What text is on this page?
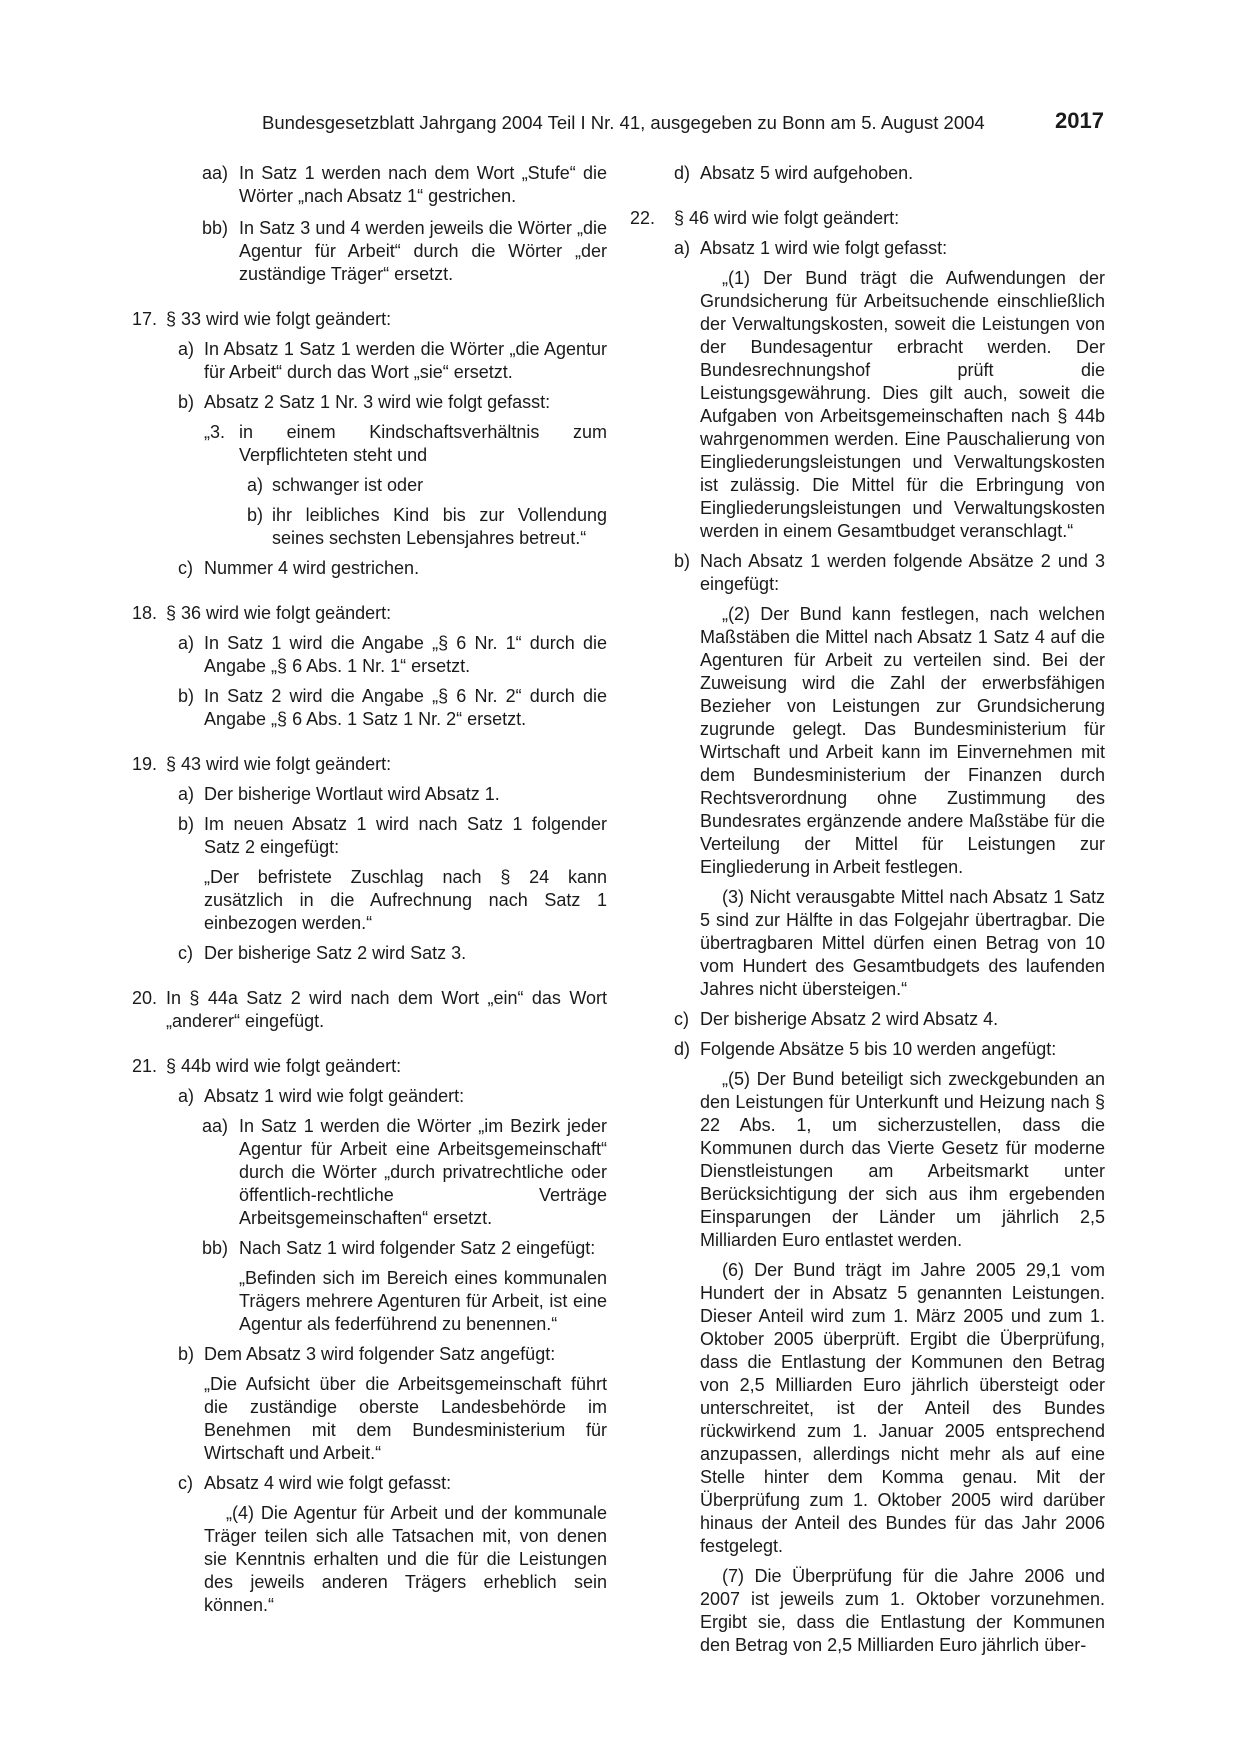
Bundesgesetzblatt Jahrgang 2004 Teil I Nr. 41, ausgegeben zu Bonn am 5. August 2004	2017
aa) In Satz 1 werden nach dem Wort „Stufe“ die Wörter „nach Absatz 1“ gestrichen.
bb) In Satz 3 und 4 werden jeweils die Wörter „die Agentur für Arbeit“ durch die Wörter „der zuständige Träger“ ersetzt.
17. § 33 wird wie folgt geändert:
a) In Absatz 1 Satz 1 werden die Wörter „die Agentur für Arbeit“ durch das Wort „sie“ ersetzt.
b) Absatz 2 Satz 1 Nr. 3 wird wie folgt gefasst:
„3. in einem Kindschaftsverhältnis zum Verpflichteten steht und
a) schwanger ist oder
b) ihr leibliches Kind bis zur Vollendung seines sechsten Lebensjahres betreut.“
c) Nummer 4 wird gestrichen.
18. § 36 wird wie folgt geändert:
a) In Satz 1 wird die Angabe „§ 6 Nr. 1“ durch die Angabe „§ 6 Abs. 1 Nr. 1“ ersetzt.
b) In Satz 2 wird die Angabe „§ 6 Nr. 2“ durch die Angabe „§ 6 Abs. 1 Satz 1 Nr. 2“ ersetzt.
19. § 43 wird wie folgt geändert:
a) Der bisherige Wortlaut wird Absatz 1.
b) Im neuen Absatz 1 wird nach Satz 1 folgender Satz 2 eingefügt:
„Der befristete Zuschlag nach § 24 kann zusätzlich in die Aufrechnung nach Satz 1 einbezogen werden.“
c) Der bisherige Satz 2 wird Satz 3.
20. In § 44a Satz 2 wird nach dem Wort „ein“ das Wort „anderer“ eingefügt.
21. § 44b wird wie folgt geändert:
a) Absatz 1 wird wie folgt geändert:
aa) In Satz 1 werden die Wörter „im Bezirk jeder Agentur für Arbeit eine Arbeitsgemeinschaft“ durch die Wörter „durch privatrechtliche oder öffentlich-rechtliche Verträge Arbeitsgemeinschaften“ ersetzt.
bb) Nach Satz 1 wird folgender Satz 2 eingefügt:
„Befinden sich im Bereich eines kommunalen Trägers mehrere Agenturen für Arbeit, ist eine Agentur als federführend zu benennen.“
b) Dem Absatz 3 wird folgender Satz angefügt:
„Die Aufsicht über die Arbeitsgemeinschaft führt die zuständige oberste Landesbehörde im Benehmen mit dem Bundesministerium für Wirtschaft und Arbeit.“
c) Absatz 4 wird wie folgt gefasst:
„(4) Die Agentur für Arbeit und der kommunale Träger teilen sich alle Tatsachen mit, von denen sie Kenntnis erhalten und die für die Leistungen des jeweils anderen Trägers erheblich sein können.“
d) Absatz 5 wird aufgehoben.
22. § 46 wird wie folgt geändert:
a) Absatz 1 wird wie folgt gefasst:
„(1) Der Bund trägt die Aufwendungen der Grundsicherung für Arbeitsuchende einschließlich der Verwaltungskosten, soweit die Leistungen von der Bundesagentur erbracht werden. Der Bundesrechnungshof prüft die Leistungsgewährung. Dies gilt auch, soweit die Aufgaben von Arbeitsgemeinschaften nach § 44b wahrgenommen werden. Eine Pauschalierung von Eingliederungsleistungen und Verwaltungskosten ist zulässig. Die Mittel für die Erbringung von Eingliederungsleistungen und Verwaltungskosten werden in einem Gesamtbudget veranschlagt.“
b) Nach Absatz 1 werden folgende Absätze 2 und 3 eingefügt:
„(2) Der Bund kann festlegen, nach welchen Maßstäben die Mittel nach Absatz 1 Satz 4 auf die Agenturen für Arbeit zu verteilen sind. Bei der Zuweisung wird die Zahl der erwerbsfähigen Bezieher von Leistungen zur Grundsicherung zugrunde gelegt. Das Bundesministerium für Wirtschaft und Arbeit kann im Einvernehmen mit dem Bundesministerium der Finanzen durch Rechtsverordnung ohne Zustimmung des Bundesrates ergänzende andere Maßstäbe für die Verteilung der Mittel für Leistungen zur Eingliederung in Arbeit festlegen.
(3) Nicht verausgabte Mittel nach Absatz 1 Satz 5 sind zur Hälfte in das Folgejahr übertragbar. Die übertragbaren Mittel dürfen einen Betrag von 10 vom Hundert des Gesamtbudgets des laufenden Jahres nicht übersteigen.“
c) Der bisherige Absatz 2 wird Absatz 4.
d) Folgende Absätze 5 bis 10 werden angefügt:
„(5) Der Bund beteiligt sich zweckgebunden an den Leistungen für Unterkunft und Heizung nach § 22 Abs. 1, um sicherzustellen, dass die Kommunen durch das Vierte Gesetz für moderne Dienstleistungen am Arbeitsmarkt unter Berücksichtigung der sich aus ihm ergebenden Einsparungen der Länder um jährlich 2,5 Milliarden Euro entlastet werden.
(6) Der Bund trägt im Jahre 2005 29,1 vom Hundert der in Absatz 5 genannten Leistungen. Dieser Anteil wird zum 1. März 2005 und zum 1. Oktober 2005 überprüft. Ergibt die Überprüfung, dass die Entlastung der Kommunen den Betrag von 2,5 Milliarden Euro jährlich übersteigt oder unterschreitet, ist der Anteil des Bundes rückwirkend zum 1. Januar 2005 entsprechend anzupassen, allerdings nicht mehr als auf eine Stelle hinter dem Komma genau. Mit der Überprüfung zum 1. Oktober 2005 wird darüber hinaus der Anteil des Bundes für das Jahr 2006 festgelegt.
(7) Die Überprüfung für die Jahre 2006 und 2007 ist jeweils zum 1. Oktober vorzunehmen. Ergibt sie, dass die Entlastung der Kommunen den Betrag von 2,5 Milliarden Euro jährlich über-
